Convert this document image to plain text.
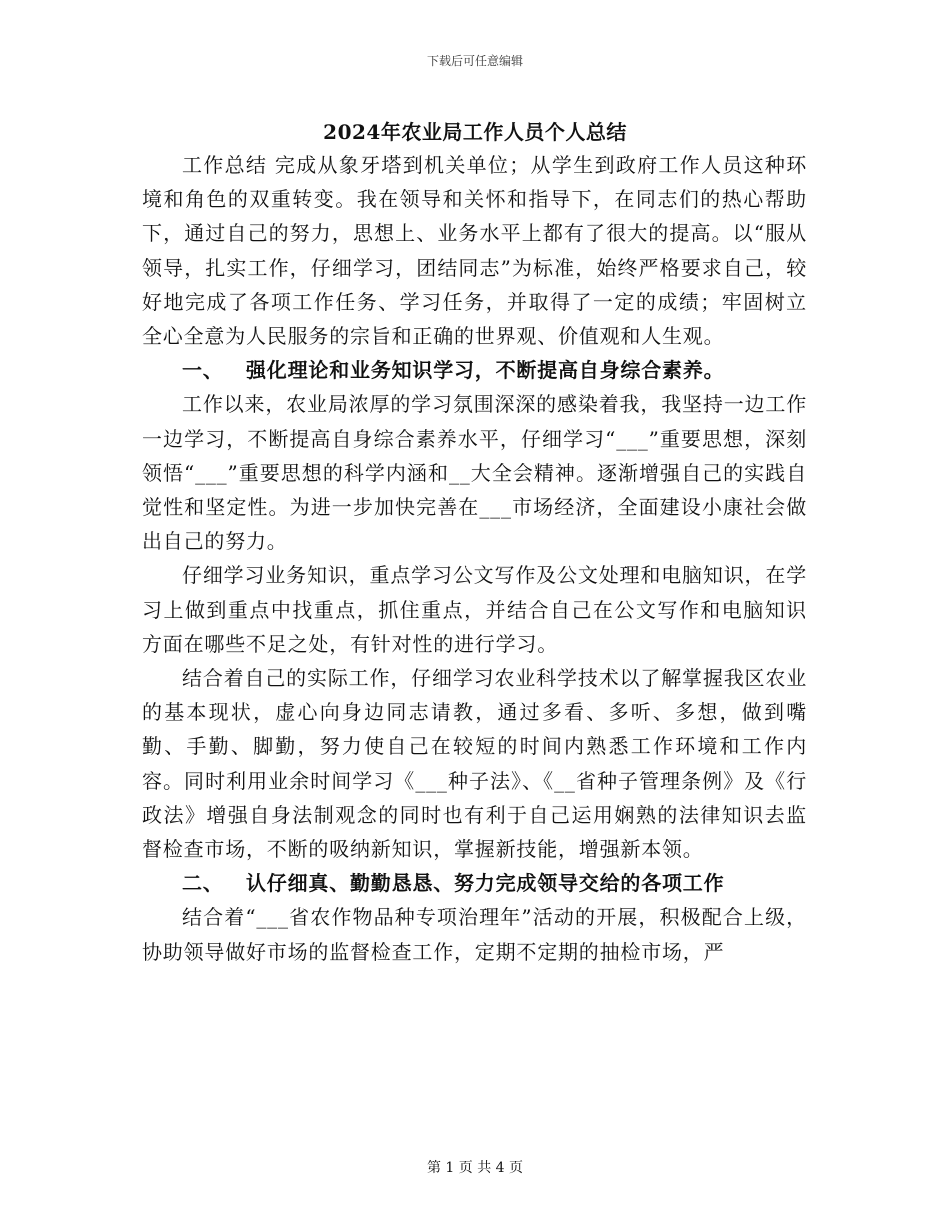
下载后可任意编辑
2024年农业局工作人员个人总结

工作总结 完成从象牙塔到机关单位；从学生到政府工作人员这种环境和角色的双重转变。我在领导和关怀和指导下，在同志们的热心帮助下，通过自己的努力，思想上、业务水平上都有了很大的提高。以“服从领导，扎实工作，仔细学习，团结同志”为标准，始终严格要求自己，较好地完成了各项工作任务、学习任务，并取得了一定的成绩；牢固树立全心全意为人民服务的宗旨和正确的世界观、价值观和人生观。

一、 强化理论和业务知识学习，不断提高自身综合素养。

工作以来，农业局浓厚的学习氛围深深的感染着我，我坚持一边工作一边学习，不断提高自身综合素养水平，仔细学习“___”重要思想，深刻领悟“___”重要思想的科学内涵和__大全会精神。逐渐增强自己的实践自觉性和坚定性。为进一步加快完善在___市场经济，全面建设小康社会做出自己的努力。

仔细学习业务知识，重点学习公文写作及公文处理和电脑知识，在学习上做到重点中找重点，抓住重点，并结合自己在公文写作和电脑知识方面在哪些不足之处，有针对性的进行学习。

结合着自己的实际工作，仔细学习农业科学技术以了解掌握我区农业的基本现状，虚心向身边同志请教，通过多看、多听、多想，做到嘴勤、手勤、脚勤，努力使自己在较短的时间内熟悉工作环境和工作内容。同时利用业余时间学习《___种子法》、《__省种子管理条例》及《行政法》增强自身法制观念的同时也有利于自己运用娴熟的法律知识去监督检查市场，不断的吸纳新知识，掌握新技能，增强新本领。

二、 认仔细真、勤勤恳恳、努力完成领导交给的各项工作

结合着“___省农作物品种专项治理年”活动的开展，积极配合上级，协助领导做好市场的监督检查工作，定期不定期的抽检市场，严

第 1 页 共 4 页
